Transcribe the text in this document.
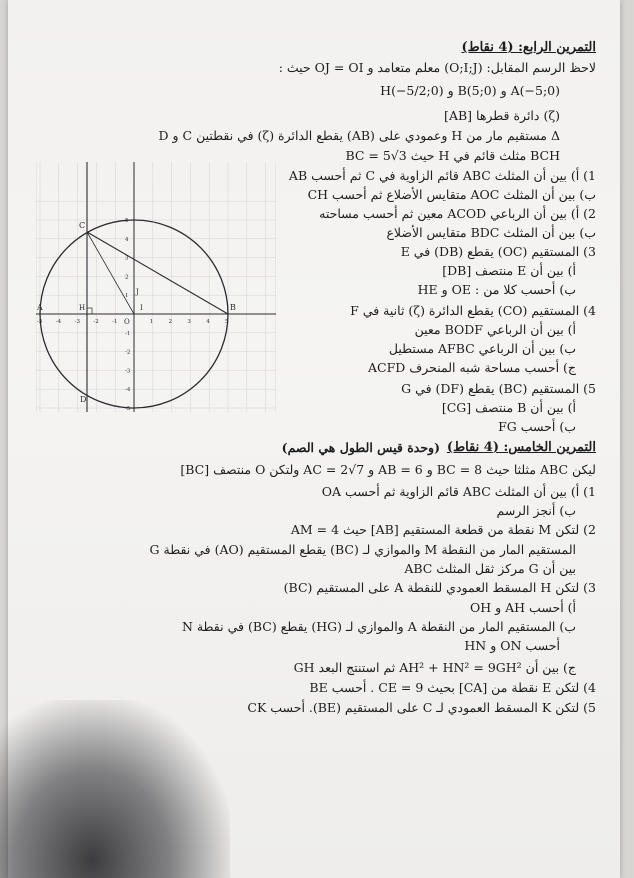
التمرين الرابع: (4 نقاط)
لاحظ الرسم المقابل: (O;I;J) معلم متعامد و OJ = OI حيث :
A(−5;0) و B(5;0) و H(−5/2;0)
(ζ) دائرة قطرها [AB]
Δ مستقيم مار من H وعمودي على (AB) يقطع الدائرة (ζ) في نقطتين C و D
BCH مثلث قائم في H حيث BC = 5√3
1) أ) بين أن المثلث ABC قائم الزاوية في C ثم أحسب AB
ب) بين أن المثلث AOC متقايس الأضلاع ثم أحسب CH
2) أ) بين أن الرباعي ACOD معين ثم أحسب مساحته
ب) بين أن المثلث BDC متقايس الأضلاع
3) المستقيم (OC) يقطع (DB) في E
أ) بين أن E منتصف [DB]
ب) أحسب كلا من : OE و HE
4) المستقيم (CO) يقطع الدائرة (ζ) ثانية في F
أ) بين أن الرباعي BODF معين
ب) بين أن الرباعي AFBC مستطيل
ج) أحسب مساحة شبه المنحرف ACFD
5) المستقيم (BC) يقطع (DF) في G
أ) بين أن B منتصف [CG]
ب) أحسب FG
التمرين الخامس: (4 نقاط)
(وحدة قيس الطول هي الصم)
ليكن ABC مثلثا حيث BC = 8 و AB = 6 و AC = 2√7 ولتكن O منتصف [BC]
1) أ) بين أن المثلث ABC قائم الزاوية ثم أحسب OA
ب) أنجز الرسم
2) لتكن M نقطة من قطعة المستقيم [AB] حيث AM = 4
المستقيم المار من النقطة M والموازي لـ (BC) يقطع المستقيم (AO) في نقطة G
بين أن G مركز ثقل المثلث ABC
3) لتكن H المسقط العمودي للنقطة A على المستقيم (BC)
أ) أحسب AH و OH
ب) المستقيم المار من النقطة A والموازي لـ (HG) يقطع (BC) في نقطة N
أحسب ON و HN
ج) بين أن AH² + HN² = 9GH² ثم استنتج البعد GH
4) لتكن E نقطة من [CA] بحيث CE = 9 . أحسب BE
5) لتكن K المسقط العمودي لـ C على المستقيم (BE). أحسب CK
A	B
C
D
H
O
I
J
-5 -4 -3 -2 -1	1	2	3	4	5
5
4
3
2
1
-1
-2
-3
-4
-5
